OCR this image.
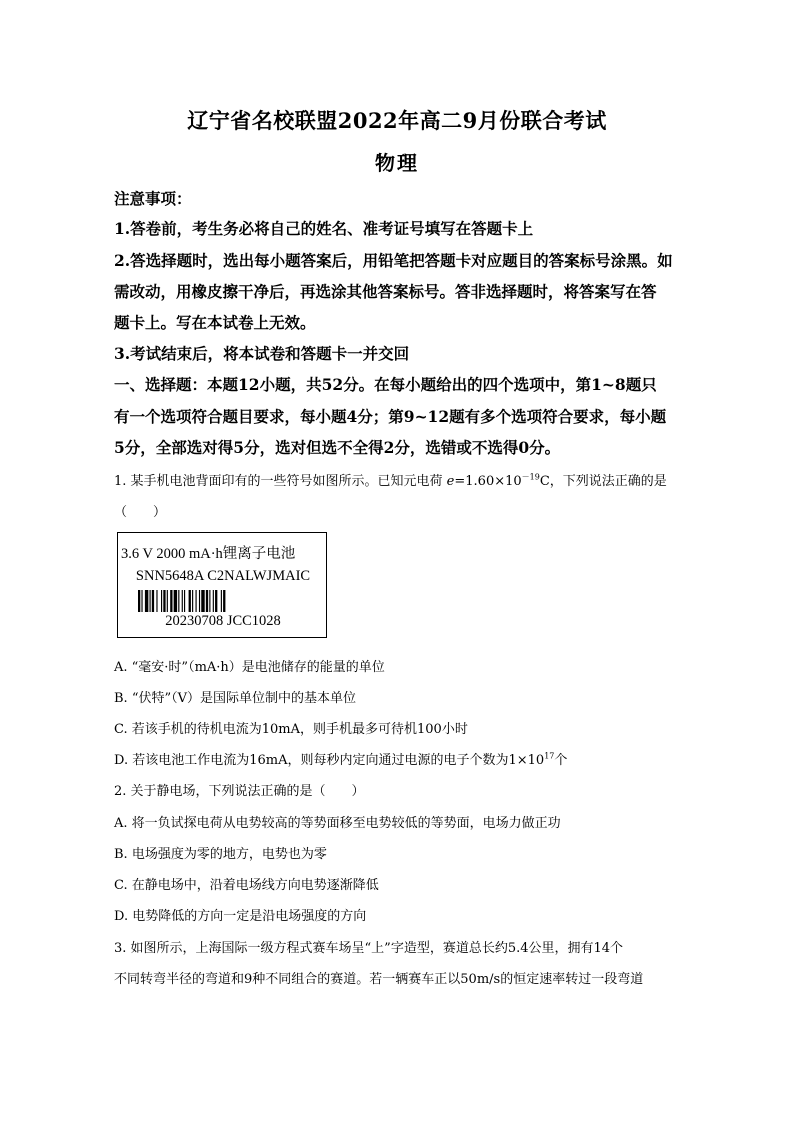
辽宁省名校联盟2022年高二9月份联合考试
物理
注意事项：
1.答卷前，考生务必将自己的姓名、准考证号填写在答题卡上
2.答选择题时，选出每小题答案后，用铅笔把答题卡对应题目的答案标号涂黑。如
需改动，用橡皮擦干净后，再选涂其他答案标号。答非选择题时，将答案写在答
题卡上。写在本试卷上无效。
3.考试结束后，将本试卷和答题卡一并交回
一、选择题：本题12小题，共52分。在每小题给出的四个选项中，第1~8题只
有一个选项符合题目要求，每小题4分；第9~12题有多个选项符合要求，每小题
5分，全部选对得5分，选对但选不全得2分，选错或不选得0分。
1. 某手机电池背面印有的一些符号如图所示。已知元电荷 $e=1.60\times 10^{-19}C$，下列说法正确的是
（　　）
3.6 V 2000 mA·h锂离子电池
SNN5648A C2NALWJMAIC
20230708 JCC1028
A. “毫安·时”（mA·h）是电池储存的能量的单位
B. “伏特”（V）是国际单位制中的基本单位
C. 若该手机的待机电流为10mA，则手机最多可待机100小时
D. 若该电池工作电流为16mA，则每秒内定向通过电源的电子个数为$1\times 10^{17}$个
2. 关于静电场，下列说法正确的是（　　）
A. 将一负试探电荷从电势较高的等势面移至电势较低的等势面，电场力做正功
B. 电场强度为零的地方，电势也为零
C. 在静电场中，沿着电场线方向电势逐渐降低
D. 电势降低的方向一定是沿电场强度的方向
3. 如图所示，上海国际一级方程式赛车场呈“上”字造型，赛道总长约5.4公里，拥有14个
不同转弯半径的弯道和9种不同组合的赛道。若一辆赛车正以50m/s的恒定速率转过一段弯道
